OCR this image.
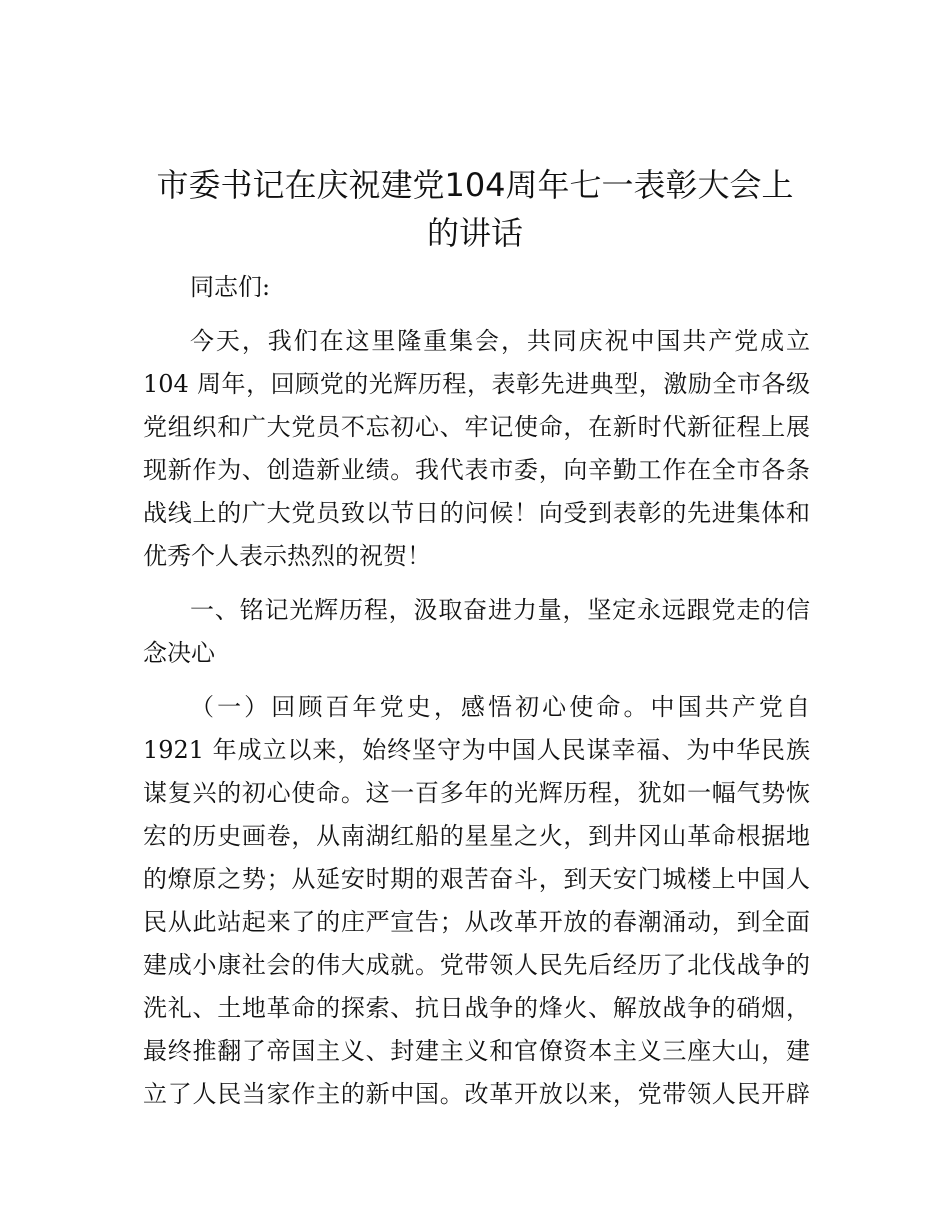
市委书记在庆祝建党104周年七一表彰大会上
的讲话
同志们:
今天，我们在这里隆重集会，共同庆祝中国共产党成立
104 周年，回顾党的光辉历程，表彰先进典型，激励全市各级
党组织和广大党员不忘初心、牢记使命，在新时代新征程上展
现新作为、创造新业绩。我代表市委，向辛勤工作在全市各条
战线上的广大党员致以节日的问候！向受到表彰的先进集体和
优秀个人表示热烈的祝贺！
一、铭记光辉历程，汲取奋进力量，坚定永远跟党走的信
念决心
（一）回顾百年党史，感悟初心使命。中国共产党自
1921 年成立以来，始终坚守为中国人民谋幸福、为中华民族
谋复兴的初心使命。这一百多年的光辉历程，犹如一幅气势恢
宏的历史画卷，从南湖红船的星星之火，到井冈山革命根据地
的燎原之势；从延安时期的艰苦奋斗，到天安门城楼上中国人
民从此站起来了的庄严宣告；从改革开放的春潮涌动，到全面
建成小康社会的伟大成就。党带领人民先后经历了北伐战争的
洗礼、土地革命的探索、抗日战争的烽火、解放战争的硝烟，
最终推翻了帝国主义、封建主义和官僚资本主义三座大山，建
立了人民当家作主的新中国。改革开放以来，党带领人民开辟
